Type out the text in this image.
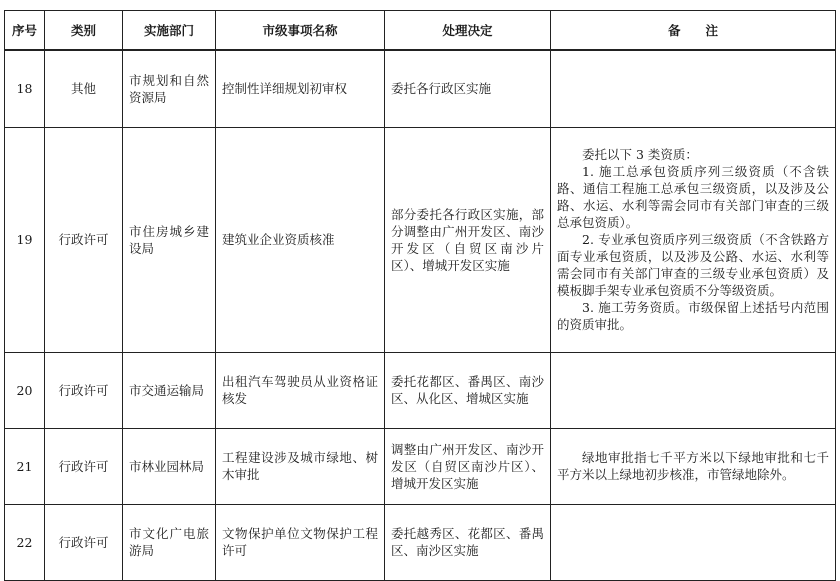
序号	类别	实施部门	市级事项名称	处理决定	备　　注
18	其他	市规划和自然资源局	控制性详细规划初审权	委托各行政区实施	
19	行政许可	市住房城乡建设局	建筑业企业资质核准	部分委托各行政区实施，部分调整由广州开发区、南沙开发区（自贸区南沙片区）、增城开发区实施	委托以下 3 类资质：

1. 施工总承包资质序列三级资质（不含铁路、通信工程施工总承包三级资质，以及涉及公路、水运、水利等需会同市有关部门审查的三级总承包资质）。

2. 专业承包资质序列三级资质（不含铁路方面专业承包资质，以及涉及公路、水运、水利等需会同市有关部门审查的三级专业承包资质）及模板脚手架专业承包资质不分等级资质。

3. 施工劳务资质。市级保留上述括号内范围的资质审批。

20	行政许可	市交通运输局	出租汽车驾驶员从业资格证核发	委托花都区、番禺区、南沙区、从化区、增城区实施	
21	行政许可	市林业园林局	工程建设涉及城市绿地、树木审批	调整由广州开发区、南沙开发区（自贸区南沙片区）、增城开发区实施	绿地审批指七千平方米以下绿地审批和七千平方米以上绿地初步核准，市管绿地除外。

22	行政许可	市文化广电旅游局	文物保护单位文物保护工程许可	委托越秀区、花都区、番禺区、南沙区实施	
